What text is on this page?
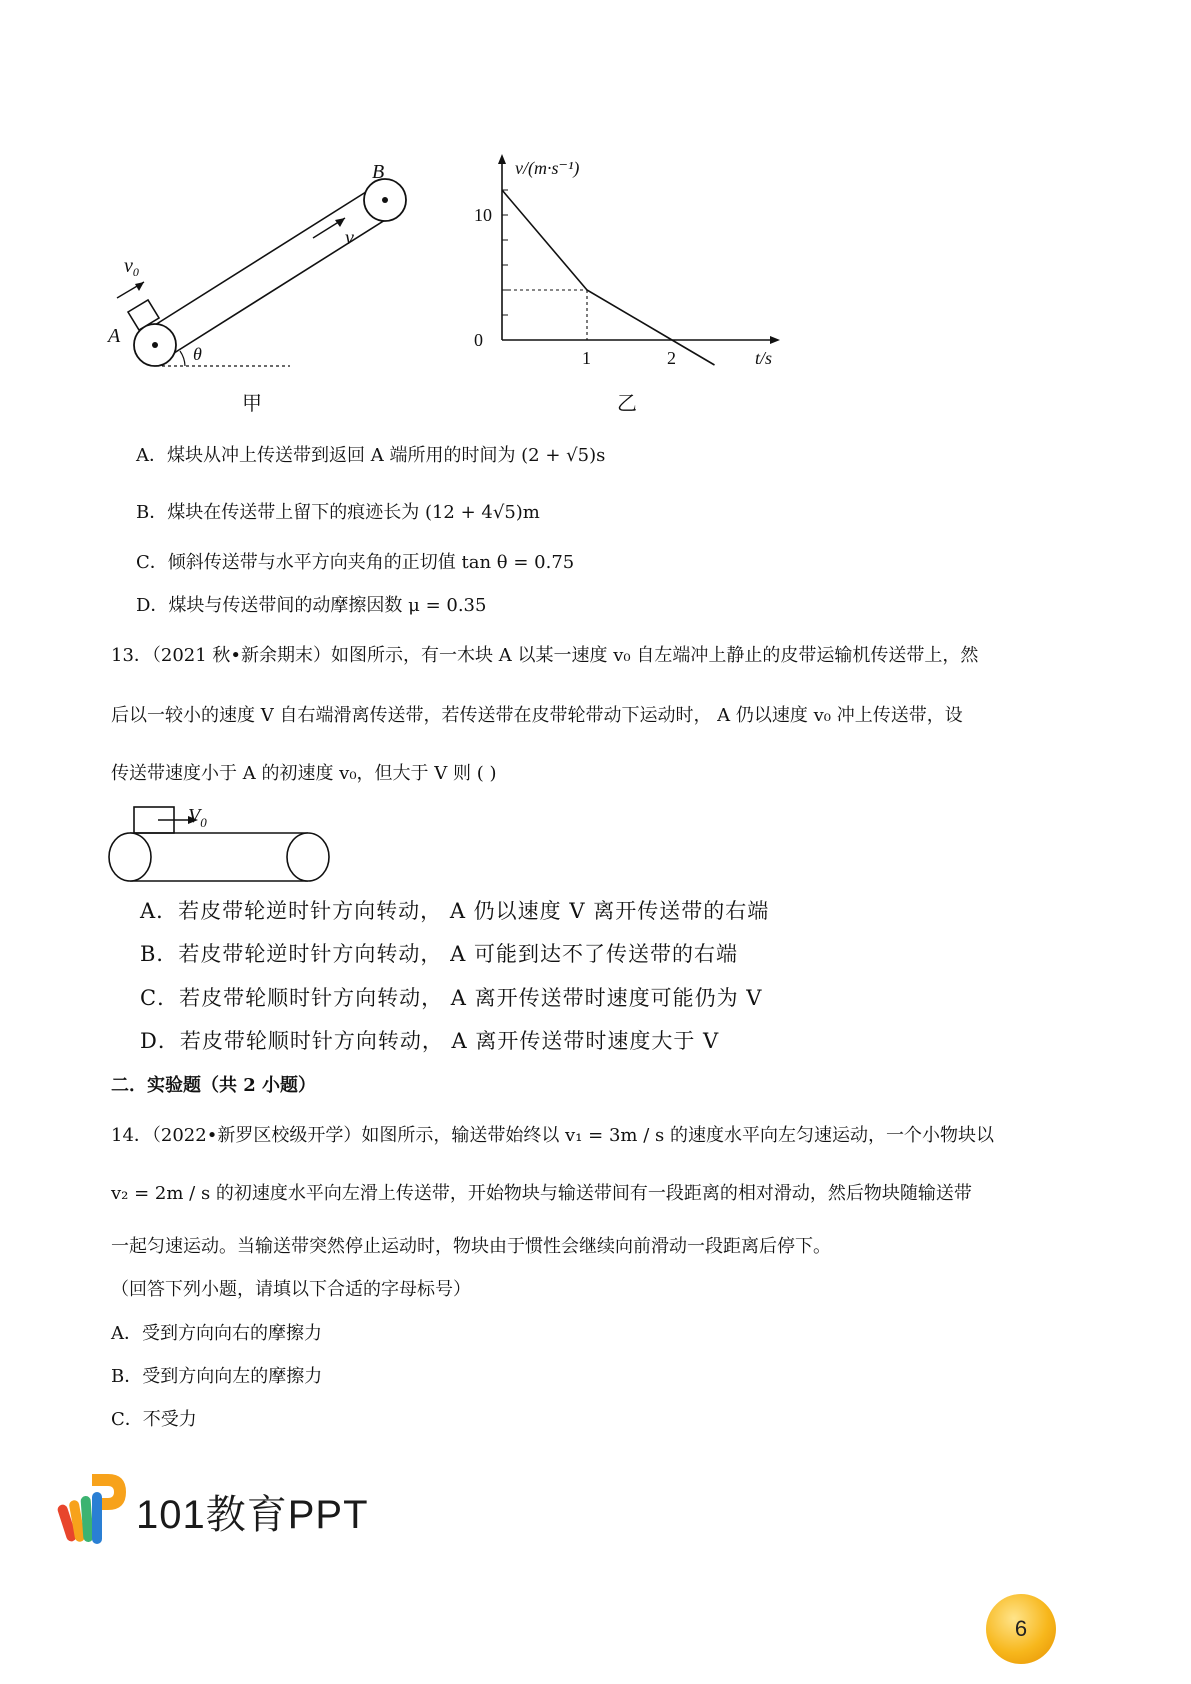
B
A
v
$v_0$
θ
甲
1	2
10
0
v/(m·s⁻¹)
t/s
乙
A．煤块从冲上传送带到返回 A 端所用的时间为 (2 + √5)s
B．煤块在传送带上留下的痕迹长为 (12 + 4√5)m
C．倾斜传送带与水平方向夹角的正切值 tan θ = 0.75
D．煤块与传送带间的动摩擦因数 μ = 0.35
13．（2021 秋•新余期末）如图所示，有一木块 A 以某一速度 v₀ 自左端冲上静止的皮带运输机传送带上，然
后以一较小的速度 V 自右端滑离传送带，若传送带在皮带轮带动下运动时， A 仍以速度 v₀ 冲上传送带，设
传送带速度小于 A 的初速度 v₀，但大于 V 则 ( )
$V_0$
A．若皮带轮逆时针方向转动， A 仍以速度 V 离开传送带的右端
B．若皮带轮逆时针方向转动， A 可能到达不了传送带的右端
C．若皮带轮顺时针方向转动， A 离开传送带时速度可能仍为 V
D．若皮带轮顺时针方向转动， A 离开传送带时速度大于 V
二．实验题（共 2 小题）
14．（2022•新罗区校级开学）如图所示，输送带始终以 v₁ = 3m / s 的速度水平向左匀速运动，一个小物块以
v₂ = 2m / s 的初速度水平向左滑上传送带，开始物块与输送带间有一段距离的相对滑动，然后物块随输送带
一起匀速运动。当输送带突然停止运动时，物块由于惯性会继续向前滑动一段距离后停下。
（回答下列小题，请填以下合适的字母标号）
A．受到方向向右的摩擦力
B．受到方向向左的摩擦力
C．不受力
101教育PPT
6
